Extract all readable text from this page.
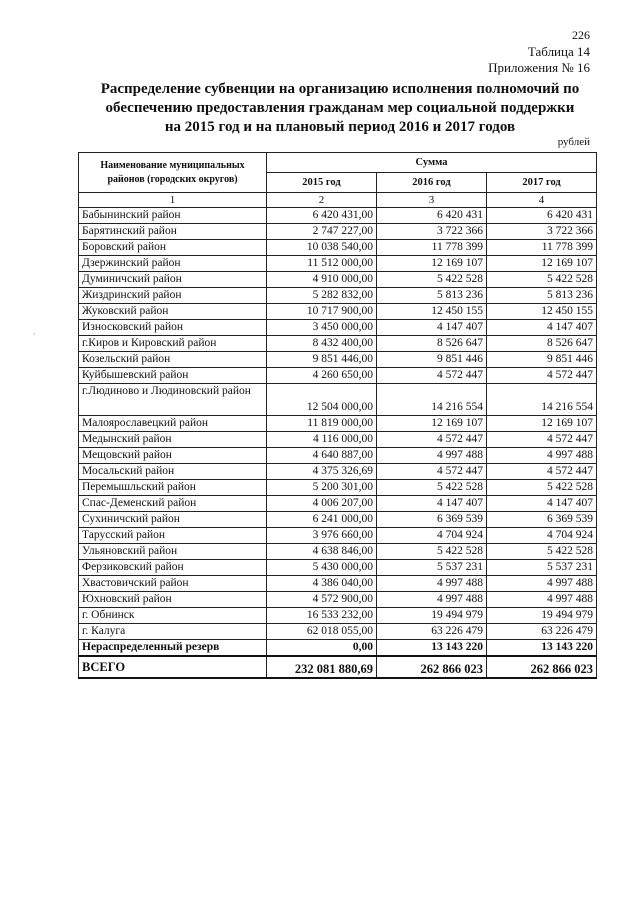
226
Таблица 14
Приложения № 16
Распределение субвенции на организацию исполнения полномочий по
обеспечению предоставления гражданам мер социальной поддержки
на 2015 год и на плановый период 2016 и 2017 годов
рублей
·
Наименование муниципальных районов (городских округов)	Сумма		
	2015 год	2016 год	2017 год
1	2	3	4
Бабынинский район	6 420 431,00	6 420 431	6 420 431
Барятинский район	2 747 227,00	3 722 366	3 722 366
Боровский район	10 038 540,00	11 778 399	11 778 399
Дзержинский район	11 512 000,00	12 169 107	12 169 107
Думиничский район	4 910 000,00	5 422 528	5 422 528
Жиздринский район	5 282 832,00	5 813 236	5 813 236
Жуковский район	10 717 900,00	12 450 155	12 450 155
Износковский район	3 450 000,00	4 147 407	4 147 407
г.Киров и Кировский район	8 432 400,00	8 526 647	8 526 647
Козельский район	9 851 446,00	9 851 446	9 851 446
Куйбышевский район	4 260 650,00	4 572 447	4 572 447
г.Людиново и Людиновский район	12 504 000,00	14 216 554	14 216 554
Малоярославецкий район	11 819 000,00	12 169 107	12 169 107
Медынский район	4 116 000,00	4 572 447	4 572 447
Мещовский район	4 640 887,00	4 997 488	4 997 488
Мосальский район	4 375 326,69	4 572 447	4 572 447
Перемышльский район	5 200 301,00	5 422 528	5 422 528
Спас-Деменский район	4 006 207,00	4 147 407	4 147 407
Сухиничский район	6 241 000,00	6 369 539	6 369 539
Тарусский район	3 976 660,00	4 704 924	4 704 924
Ульяновский район	4 638 846,00	5 422 528	5 422 528
Ферзиковский район	5 430 000,00	5 537 231	5 537 231
Хвастовичский район	4 386 040,00	4 997 488	4 997 488
Юхновский район	4 572 900,00	4 997 488	4 997 488
г. Обнинск	16 533 232,00	19 494 979	19 494 979
г. Калуга	62 018 055,00	63 226 479	63 226 479
Нераспределенный резерв	0,00	13 143 220	13 143 220
ВСЕГО	232 081 880,69	262 866 023	262 866 023
